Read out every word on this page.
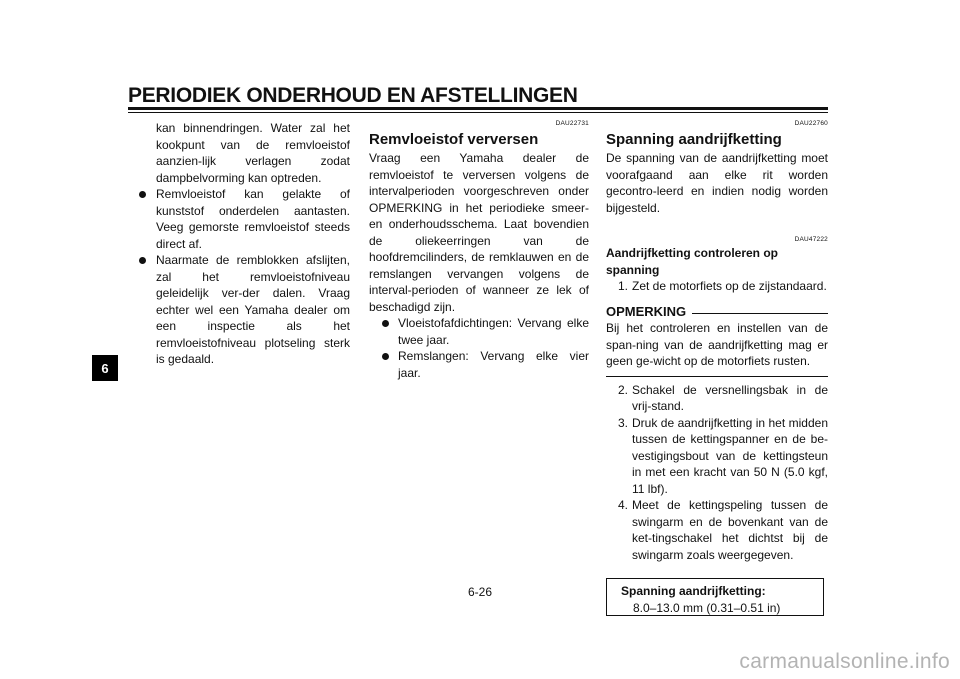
PERIODIEK ONDERHOUD EN AFSTELLINGEN
6

kan binnendringen. Water zal het kookpunt van de remvloeistof aanzien-lijk verlagen zodat dampbelvorming kan optreden.

Remvloeistof kan gelakte of kunststof onderdelen aantasten. Veeg gemorste remvloeistof steeds direct af.

Naarmate de remblokken afslijten, zal het remvloeistofniveau geleidelijk ver-der dalen. Vraag echter wel een Yamaha dealer om een inspectie als het remvloeistofniveau plotseling sterk is gedaald.

DAU22731

Remvloeistof verversen

Vraag een Yamaha dealer de remvloeistof te verversen volgens de intervalperioden voorgeschreven onder OPMERKING in het periodieke smeer- en onderhoudsschema. Laat bovendien de oliekeerringen van de hoofdremcilinders, de remklauwen en de remslangen vervangen volgens de interval-perioden of wanneer ze lek of beschadigd zijn.

Vloeistofafdichtingen: Vervang elke twee jaar.

Remslangen: Vervang elke vier jaar.

DAU22760

Spanning aandrijfketting

De spanning van de aandrijfketting moet voorafgaand aan elke rit worden gecontro-leerd en indien nodig worden bijgesteld.

DAU47222

Aandrijfketting controleren op spanning

1. Zet de motorfiets op de zijstandaard.

OPMERKING

Bij het controleren en instellen van de span-ning van de aandrijfketting mag er geen ge-wicht op de motorfiets rusten.

2. Schakel de versnellingsbak in de vrij-stand.

3. Druk de aandrijfketting in het midden tussen de kettingspanner en de be-vestigingsbout van de kettingsteun in met een kracht van 50 N (5.0 kgf, 11 lbf).

4. Meet de kettingspeling tussen de swingarm en de bovenkant van de ket-tingschakel het dichtst bij de swingarm zoals weergegeven.

Spanning aandrijfketting:

8.0–13.0 mm (0.31–0.51 in)

6-26
carmanualsonline.info
